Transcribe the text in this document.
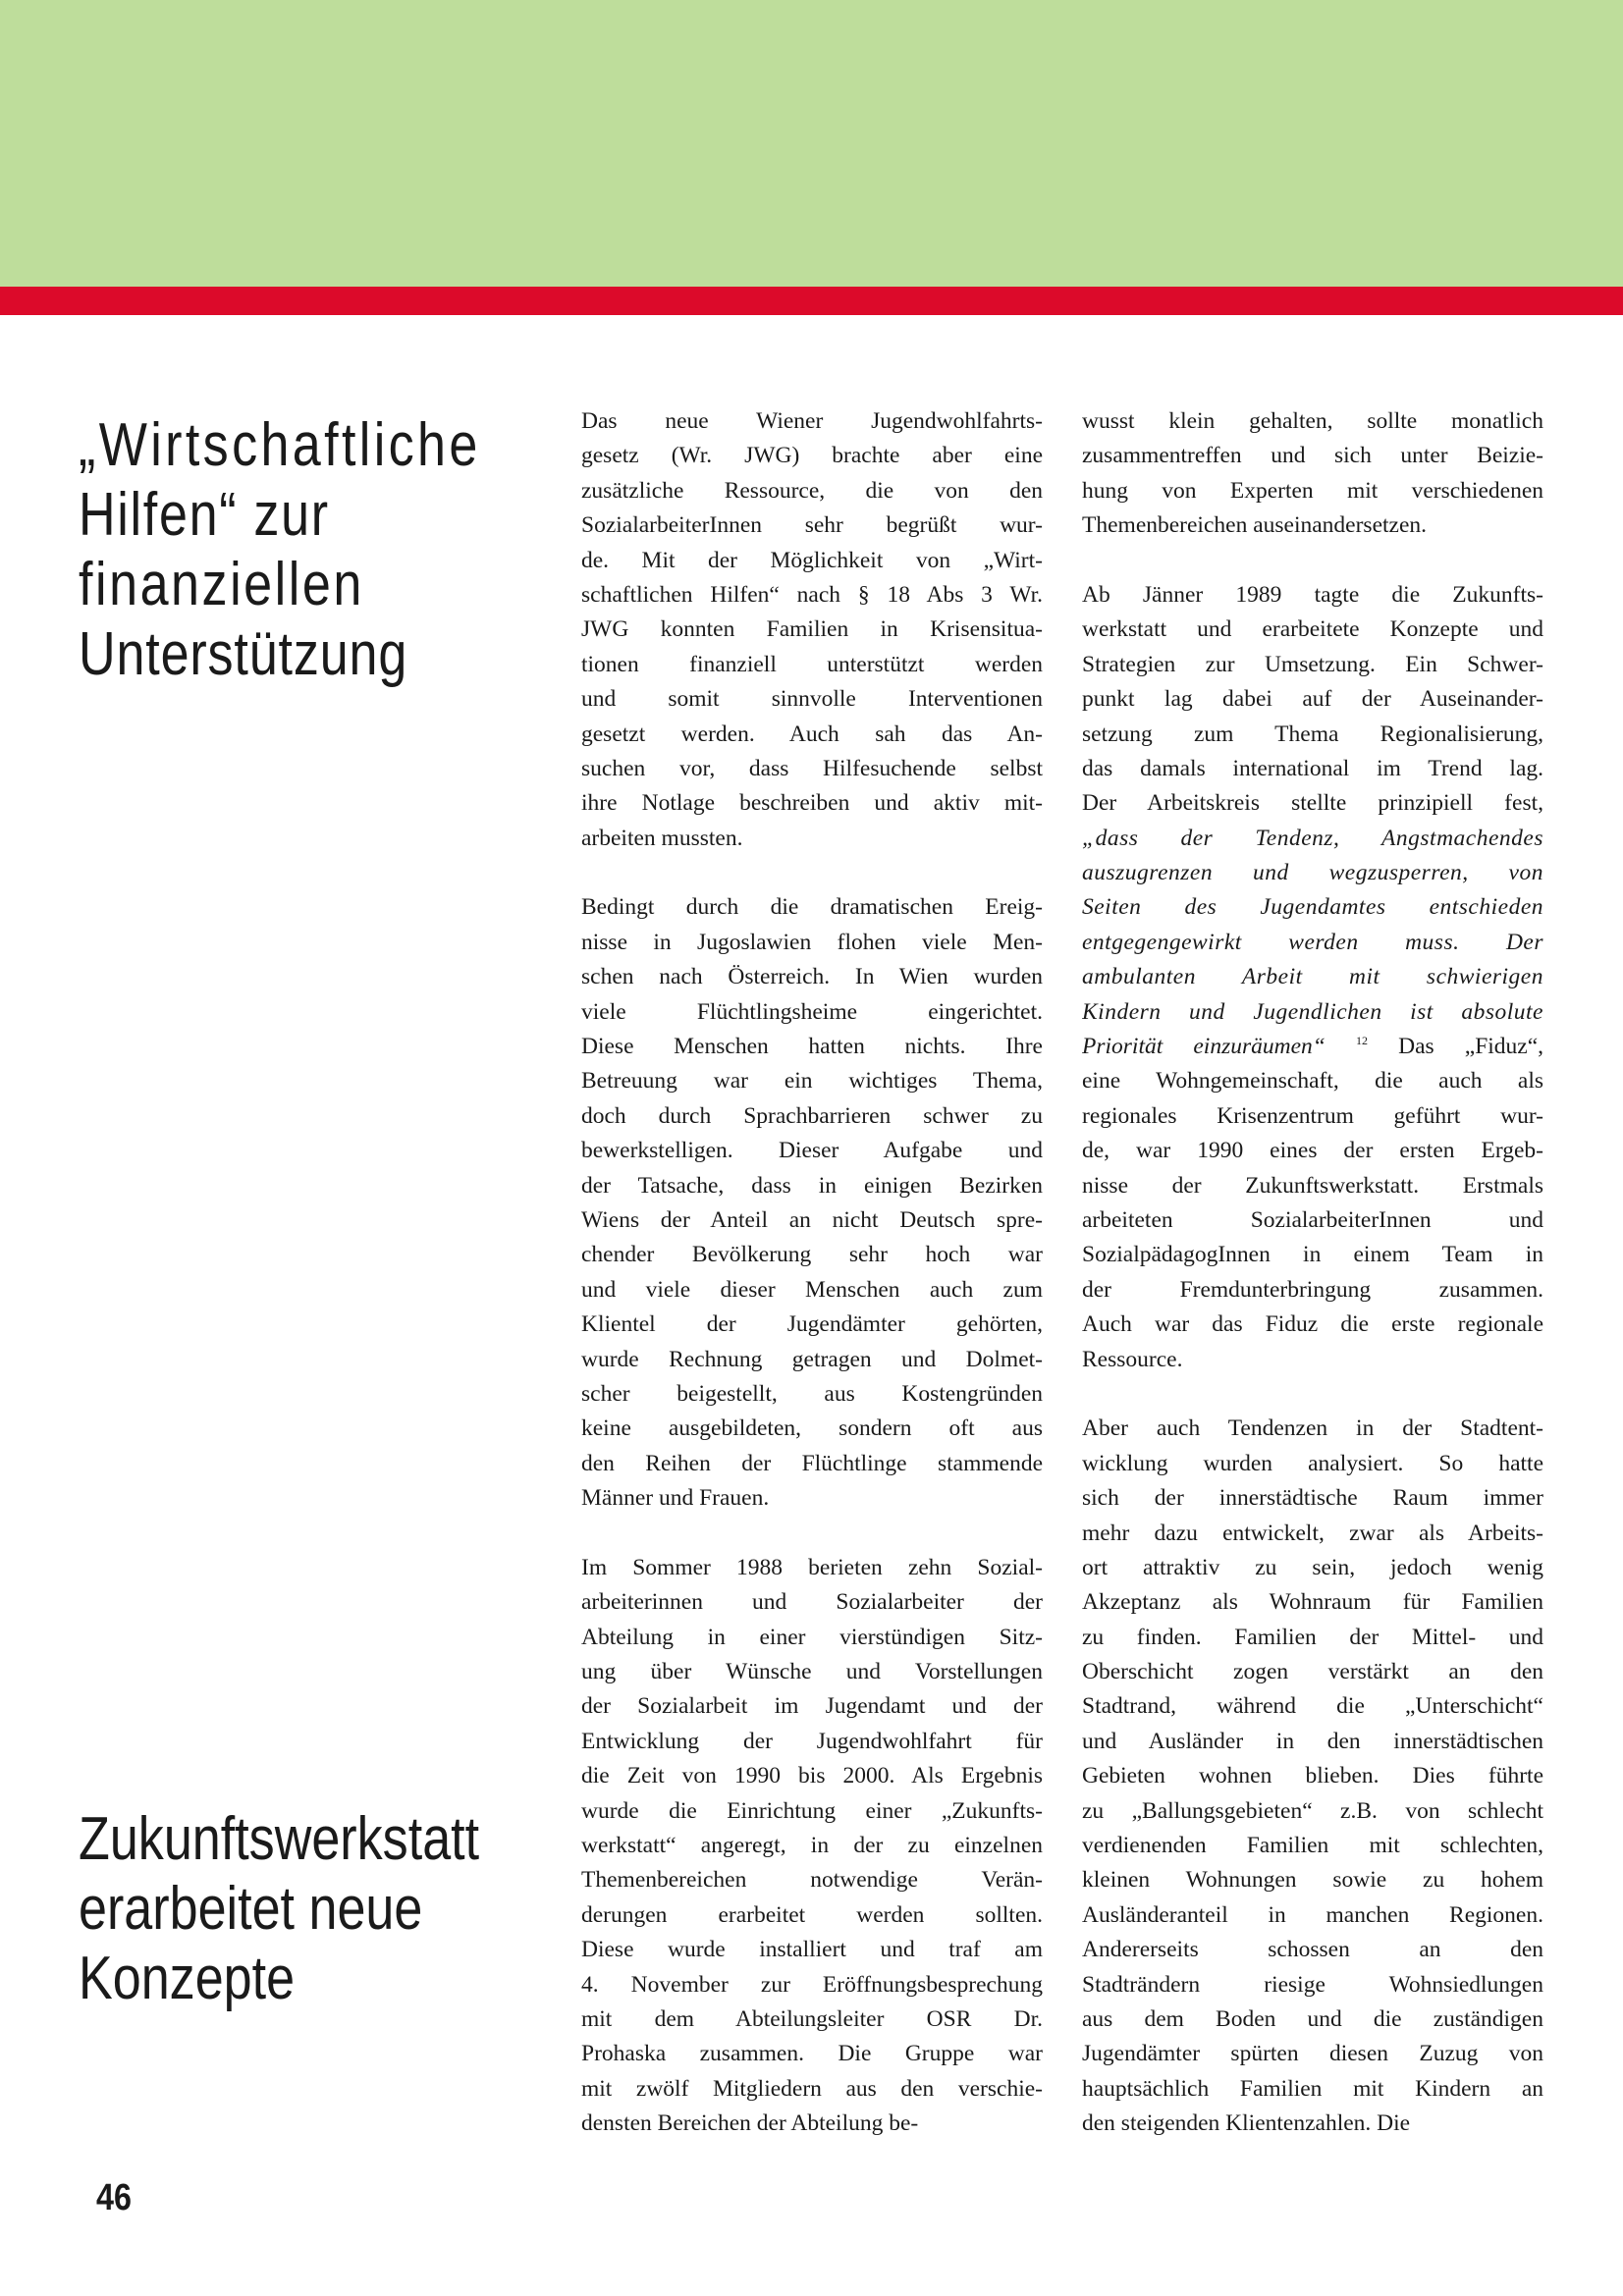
„Wirtschaftliche
Hilfen“ zur
finanziellen
Unterstützung
Zukunftswerkstatt
erarbeitet neue
Konzepte
Das neue Wiener Jugendwohlfahrts-
gesetz (Wr. JWG) brachte aber eine
zusätzliche Ressource, die von den
SozialarbeiterInnen sehr begrüßt wur-
de. Mit der Möglichkeit von „Wirt-
schaftlichen Hilfen“ nach § 18 Abs 3 Wr.
JWG konnten Familien in Krisensitua-
tionen finanziell unterstützt werden
und somit sinnvolle Interventionen
gesetzt werden. Auch sah das An-
suchen vor, dass Hilfesuchende selbst
ihre Notlage beschreiben und aktiv mit-
arbeiten mussten.
Bedingt durch die dramatischen Ereig-
nisse in Jugoslawien flohen viele Men-
schen nach Österreich. In Wien wurden
viele Flüchtlingsheime eingerichtet.
Diese Menschen hatten nichts. Ihre
Betreuung war ein wichtiges Thema,
doch durch Sprachbarrieren schwer zu
bewerkstelligen. Dieser Aufgabe und
der Tatsache, dass in einigen Bezirken
Wiens der Anteil an nicht Deutsch spre-
chender Bevölkerung sehr hoch war
und viele dieser Menschen auch zum
Klientel der Jugendämter gehörten,
wurde Rechnung getragen und Dolmet-
scher beigestellt, aus Kostengründen
keine ausgebildeten, sondern oft aus
den Reihen der Flüchtlinge stammende
Männer und Frauen.
Im Sommer 1988 berieten zehn Sozial-
arbeiterinnen und Sozialarbeiter der
Abteilung in einer vierstündigen Sitz-
ung über Wünsche und Vorstellungen
der Sozialarbeit im Jugendamt und der
Entwicklung der Jugendwohlfahrt für
die Zeit von 1990 bis 2000. Als Ergebnis
wurde die Einrichtung einer „Zukunfts-
werkstatt“ angeregt, in der zu einzelnen
Themenbereichen notwendige Verän-
derungen erarbeitet werden sollten.
Diese wurde installiert und traf am
4. November zur Eröffnungsbesprechung
mit dem Abteilungsleiter OSR Dr.
Prohaska zusammen. Die Gruppe war
mit zwölf Mitgliedern aus den verschie-
densten Bereichen der Abteilung be-
wusst klein gehalten, sollte monatlich
zusammentreffen und sich unter Beizie-
hung von Experten mit verschiedenen
Themenbereichen auseinandersetzen.
Ab Jänner 1989 tagte die Zukunfts-
werkstatt und erarbeitete Konzepte und
Strategien zur Umsetzung. Ein Schwer-
punkt lag dabei auf der Auseinander-
setzung zum Thema Regionalisierung,
das damals international im Trend lag.
Der Arbeitskreis stellte prinzipiell fest,
„dass der Tendenz, Angstmachendes
auszugrenzen und wegzusperren, von
Seiten des Jugendamtes entschieden
entgegengewirkt werden muss. Der
ambulanten Arbeit mit schwierigen
Kindern und Jugendlichen ist absolute
Priorität einzuräumen“	$^{12}$ Das „Fiduz“,
eine Wohngemeinschaft, die auch als
regionales Krisenzentrum geführt wur-
de, war 1990 eines der ersten Ergeb-
nisse der Zukunftswerkstatt. Erstmals
arbeiteten SozialarbeiterInnen und
SozialpädagogInnen in einem Team in
der Fremdunterbringung zusammen.
Auch war das Fiduz die erste regionale
Ressource.
Aber auch Tendenzen in der Stadtent-
wicklung wurden analysiert. So hatte
sich der innerstädtische Raum immer
mehr dazu entwickelt, zwar als Arbeits-
ort attraktiv zu sein, jedoch wenig
Akzeptanz als Wohnraum für Familien
zu finden. Familien der Mittel- und
Oberschicht zogen verstärkt an den
Stadtrand, während die „Unterschicht“
und Ausländer in den innerstädtischen
Gebieten wohnen blieben. Dies führte
zu „Ballungsgebieten“ z.B. von schlecht
verdienenden Familien mit schlechten,
kleinen Wohnungen sowie zu hohem
Ausländeranteil in manchen Regionen.
Andererseits schossen an den
Stadträndern riesige Wohnsiedlungen
aus dem Boden und die zuständigen
Jugendämter spürten diesen Zuzug von
hauptsächlich Familien mit Kindern an
den steigenden Klientenzahlen. Die
46
